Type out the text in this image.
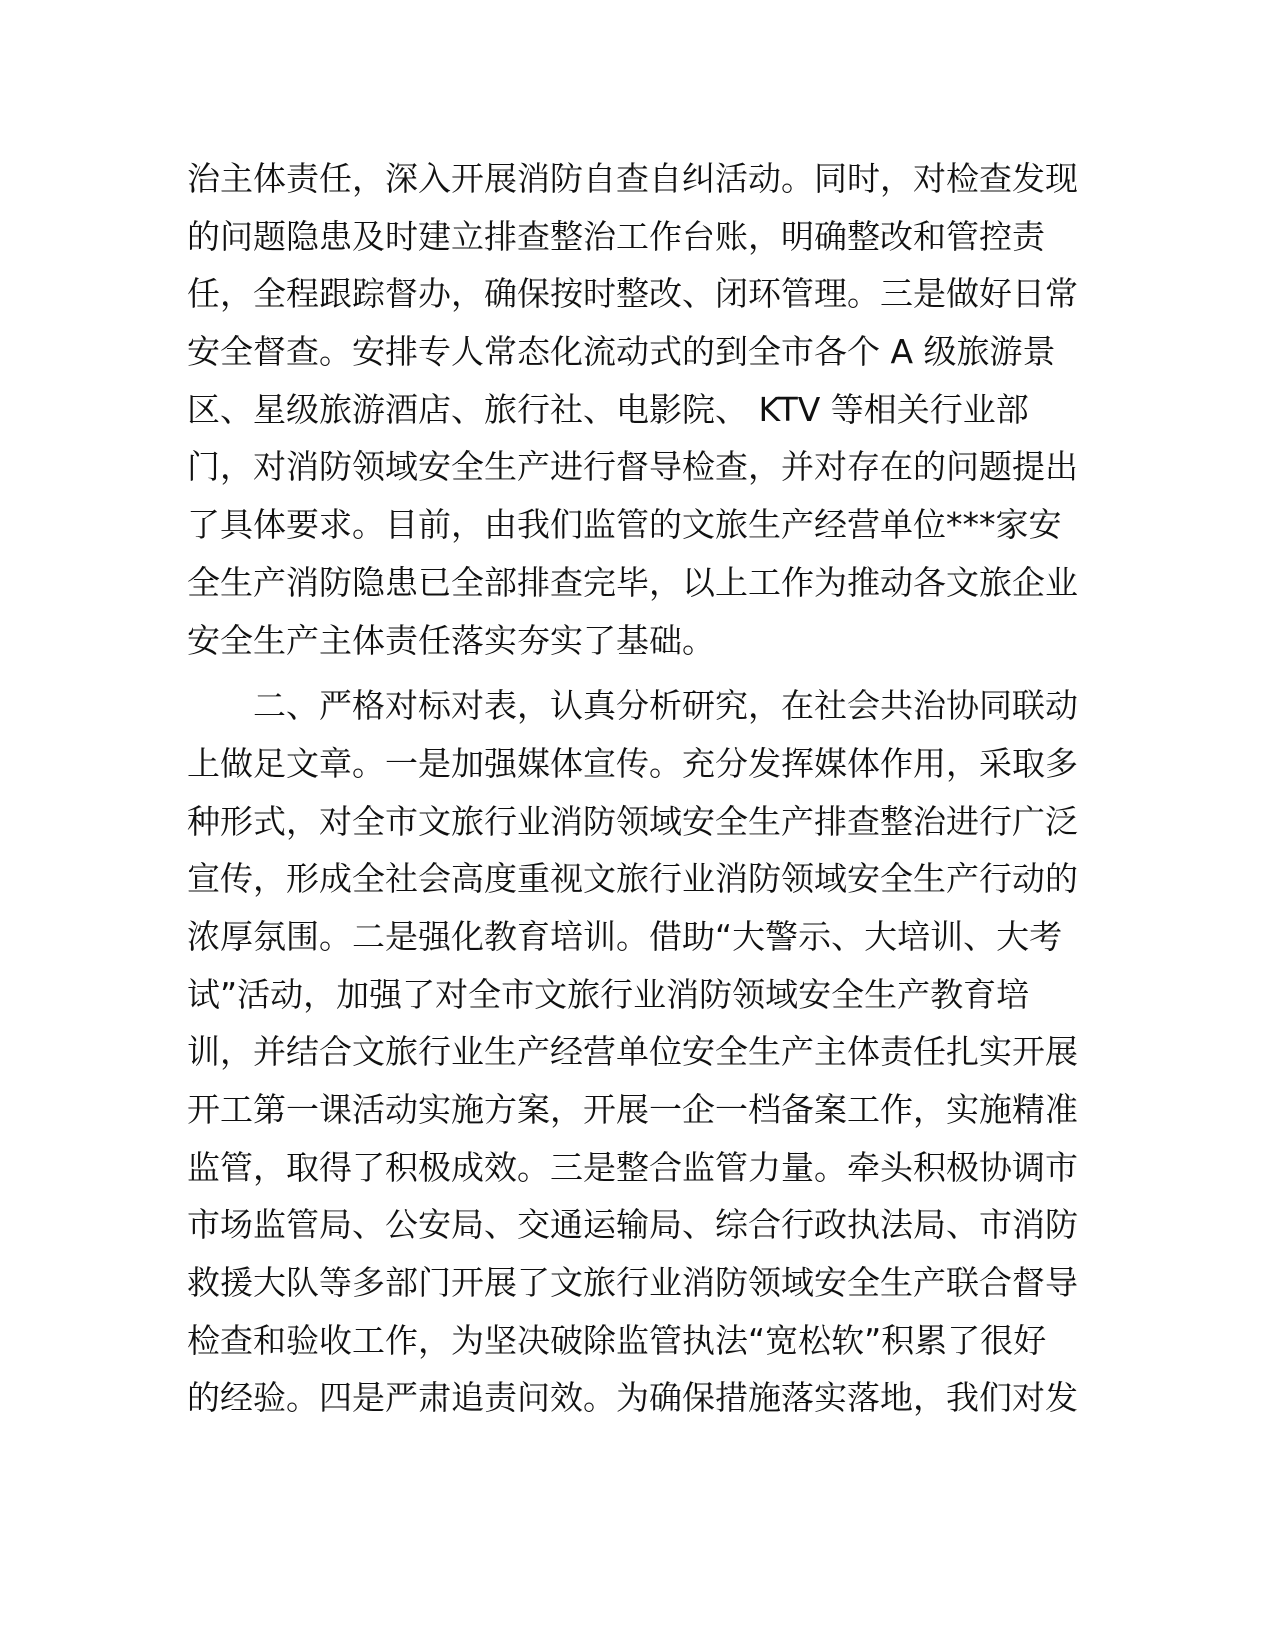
治主体责任，深入开展消防自查自纠活动。同时，对检查发现
的问题隐患及时建立排查整治工作台账，明确整改和管控责
任，全程跟踪督办，确保按时整改、闭环管理。三是做好日常
安全督查。安排专人常态化流动式的到全市各个 A 级旅游景
区、星级旅游酒店、旅行社、电影院、 KTV 等相关行业部
门，对消防领域安全生产进行督导检查，并对存在的问题提出
了具体要求。目前，由我们监管的文旅生产经营单位***家安
全生产消防隐患已全部排查完毕，以上工作为推动各文旅企业
安全生产主体责任落实夯实了基础。
　　二、严格对标对表，认真分析研究，在社会共治协同联动
上做足文章。一是加强媒体宣传。充分发挥媒体作用，采取多
种形式，对全市文旅行业消防领域安全生产排查整治进行广泛
宣传，形成全社会高度重视文旅行业消防领域安全生产行动的
浓厚氛围。二是强化教育培训。借助“大警示、大培训、大考
试”活动，加强了对全市文旅行业消防领域安全生产教育培
训，并结合文旅行业生产经营单位安全生产主体责任扎实开展
开工第一课活动实施方案，开展一企一档备案工作，实施精准
监管，取得了积极成效。三是整合监管力量。牵头积极协调市
市场监管局、公安局、交通运输局、综合行政执法局、市消防
救援大队等多部门开展了文旅行业消防领域安全生产联合督导
检查和验收工作，为坚决破除监管执法“宽松软”积累了很好
的经验。四是严肃追责问效。为确保措施落实落地，我们对发
